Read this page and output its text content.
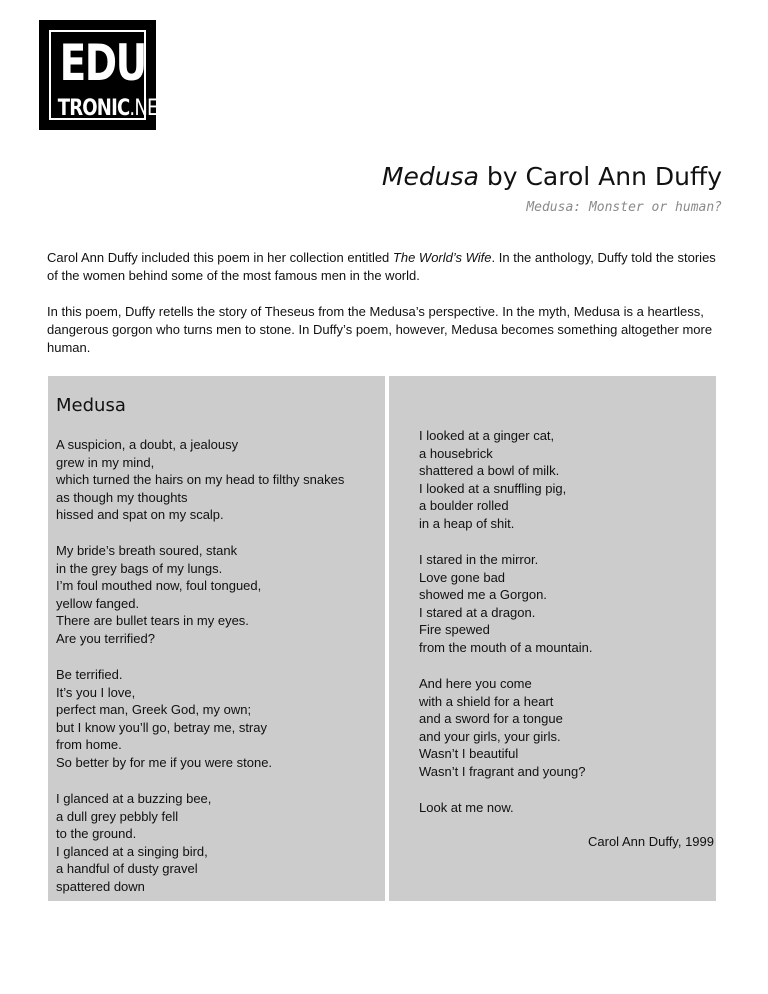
EDU
TRONIC.NET
Medusa by Carol Ann Duffy
Medusa: Monster or human?

Carol Ann Duffy included this poem in her collection entitled The World’s Wife. In the anthology, Duffy told the stories of the women behind some of the most famous men in the world.

In this poem, Duffy retells the story of Theseus from the Medusa’s perspective. In the myth, Medusa is a heartless, dangerous gorgon who turns men to stone. In Duffy’s poem, however, Medusa becomes something altogether more human.

Medusa
A suspicion, a doubt, a jealousy
grew in my mind,
which turned the hairs on my head to filthy snakes
as though my thoughts
hissed and spat on my scalp.
My bride’s breath soured, stank
in the grey bags of my lungs.
I’m foul mouthed now, foul tongued,
yellow fanged.
There are bullet tears in my eyes.
Are you terrified?
Be terrified.
It’s you I love,
perfect man, Greek God, my own;
but I know you’ll go, betray me, stray
from home.
So better by for me if you were stone.
I glanced at a buzzing bee,
a dull grey pebbly fell
to the ground.
I glanced at a singing bird,
a handful of dusty gravel
spattered down
I looked at a ginger cat,
a housebrick
shattered a bowl of milk.
I looked at a snuffling pig,
a boulder rolled
in a heap of shit.
I stared in the mirror.
Love gone bad
showed me a Gorgon.
I stared at a dragon.
Fire spewed
from the mouth of a mountain.
And here you come
with a shield for a heart
and a sword for a tongue
and your girls, your girls.
Wasn’t I beautiful
Wasn’t I fragrant and young?
Look at me now.
Carol Ann Duffy, 1999
